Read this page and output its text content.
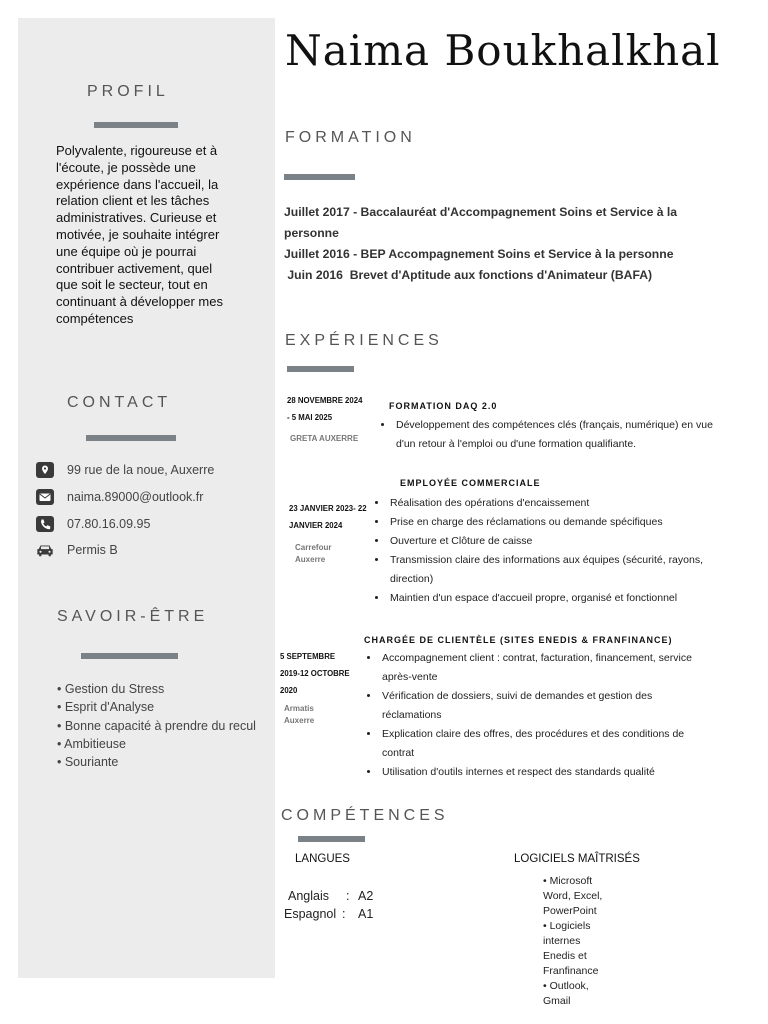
PROFIL
Polyvalente, rigoureuse et à l'écoute, je possède une expérience dans l'accueil, la relation client et les tâches administratives. Curieuse et motivée, je souhaite intégrer une équipe où je pourrai contribuer activement, quel que soit le secteur, tout en continuant à développer mes compétences
CONTACT
99 rue de la noue, Auxerre
naima.89000@outlook.fr
07.80.16.09.95
Permis B
SAVOIR-ÊTRE
• Gestion du Stress
• Esprit d'Analyse
• Bonne capacité à prendre du recul
• Ambitieuse
• Souriante
Naima Boukhalkhal
FORMATION
Juillet 2017 - Baccalauréat d'Accompagnement Soins et Service à la personne
Juillet 2016 - BEP Accompagnement Soins et Service à la personne
Juin 2016  Brevet d'Aptitude aux fonctions d'Animateur (BAFA)
EXPÉRIENCES
28 NOVEMBRE 2024 - 5 MAI 2025
GRETA AUXERRE
FORMATION DAQ 2.0
• Développement des compétences clés (français, numérique) en vue d'un retour à l'emploi ou d'une formation qualifiante.
EMPLOYÉE COMMERCIALE
23 JANVIER 2023- 22 JANVIER 2024
Carrefour Auxerre
• Réalisation des opérations d'encaissement
• Prise en charge des réclamations ou demande spécifiques
• Ouverture et Clôture de caisse
• Transmission claire des informations aux équipes (sécurité, rayons, direction)
• Maintien d'un espace d'accueil propre, organisé et fonctionnel
CHARGÉE DE CLIENTÈLE (SITES ENEDIS & FRANFINANCE)
5 SEPTEMBRE 2019-12 OCTOBRE 2020
Armatis Auxerre
• Accompagnement client : contrat, facturation, financement, service après-vente
• Vérification de dossiers, suivi de demandes et gestion des réclamations
• Explication claire des offres, des procédures et des conditions de contrat
• Utilisation d'outils internes et respect des standards qualité
COMPÉTENCES
LANGUES
Anglais	: A2
Espagnol :	A1
LOGICIELS MAÎTRISÉS
• Microsoft Word, Excel, PowerPoint
• Logiciels internes Enedis et Franfinance
• Outlook, Gmail
